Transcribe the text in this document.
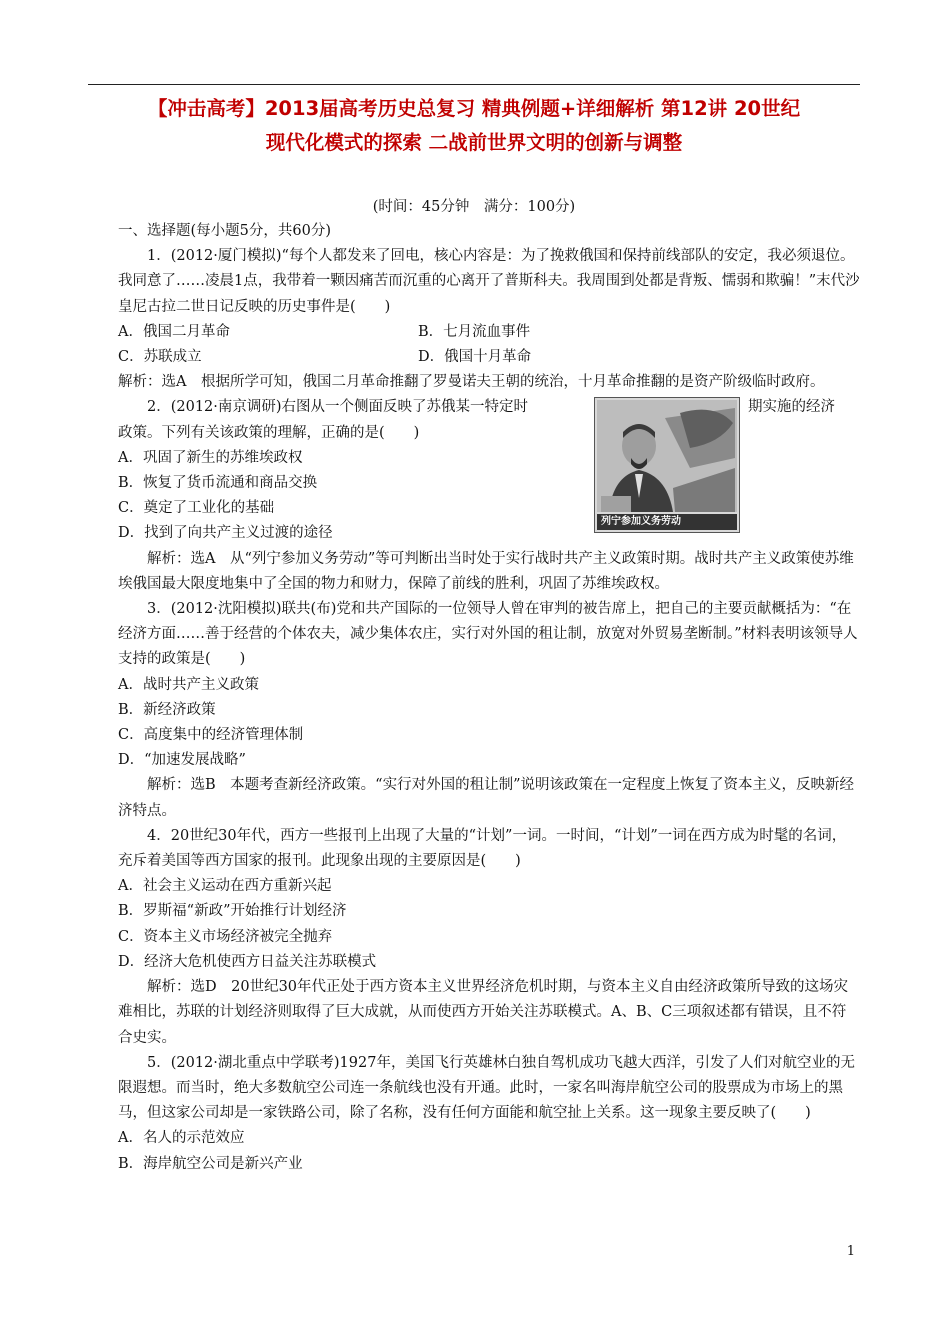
【冲击高考】2013届高考历史总复习 精典例题+详细解析 第12讲 20世纪
现代化模式的探索 二战前世界文明的创新与调整
(时间：45分钟　满分：100分)

一、选择题(每小题5分，共60分)

1．(2012·厦门模拟)“每个人都发来了回电，核心内容是：为了挽救俄国和保持前线部队的安定，我必须退位。我同意了……凌晨1点，我带着一颗因痛苦而沉重的心离开了普斯科夫。我周围到处都是背叛、懦弱和欺骗！”末代沙皇尼古拉二世日记反映的历史事件是(　　)

A．俄国二月革命	B．七月流血事件
C．苏联成立	D．俄国十月革命

解析：选A　根据所学可知，俄国二月革命推翻了罗曼诺夫王朝的统治，十月革命推翻的是资产阶级临时政府。

2．(2012·南京调研)右图从一个侧面反映了苏俄某一特定时	期实施的经济

政策。下列有关该政策的理解，正确的是(　　)

A．巩固了新生的苏维埃政权

B．恢复了货币流通和商品交换

C．奠定了工业化的基础

D．找到了向共产主义过渡的途径

列宁参加义务劳动

解析：选A　从“列宁参加义务劳动”等可判断出当时处于实行战时共产主义政策时期。战时共产主义政策使苏维埃俄国最大限度地集中了全国的物力和财力，保障了前线的胜利，巩固了苏维埃政权。

3．(2012·沈阳模拟)联共(布)党和共产国际的一位领导人曾在审判的被告席上，把自己的主要贡献概括为：“在经济方面……善于经营的个体农夫，减少集体农庄，实行对外国的租让制，放宽对外贸易垄断制。”材料表明该领导人支持的政策是(　　)

A．战时共产主义政策

B．新经济政策

C．高度集中的经济管理体制

D．“加速发展战略”

解析：选B　本题考查新经济政策。“实行对外国的租让制”说明该政策在一定程度上恢复了资本主义，反映新经济特点。

4．20世纪30年代，西方一些报刊上出现了大量的“计划”一词。一时间，“计划”一词在西方成为时髦的名词，充斥着美国等西方国家的报刊。此现象出现的主要原因是(　　)

A．社会主义运动在西方重新兴起

B．罗斯福“新政”开始推行计划经济

C．资本主义市场经济被完全抛弃

D．经济大危机使西方日益关注苏联模式

解析：选D　20世纪30年代正处于西方资本主义世界经济危机时期，与资本主义自由经济政策所导致的这场灾难相比，苏联的计划经济则取得了巨大成就，从而使西方开始关注苏联模式。A、B、C三项叙述都有错误，且不符合史实。

5．(2012·湖北重点中学联考)1927年，美国飞行英雄林白独自驾机成功飞越大西洋，引发了人们对航空业的无限遐想。而当时，绝大多数航空公司连一条航线也没有开通。此时，一家名叫海岸航空公司的股票成为市场上的黑马，但这家公司却是一家铁路公司，除了名称，没有任何方面能和航空扯上关系。这一现象主要反映了(　　)

A．名人的示范效应

B．海岸航空公司是新兴产业

1
